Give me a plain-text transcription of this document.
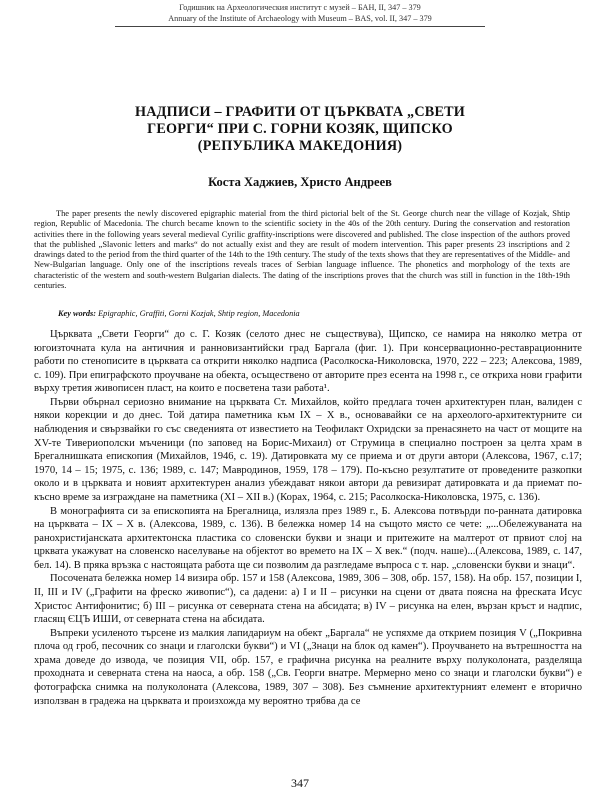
Годишник на Археологическия институт с музей – БАН, II, 347 – 379
Annuary of the Institute of Archaeology with Museum – BAS, vol. II, 347 – 379
НАДПИСИ – ГРАФИТИ ОТ ЦЪРКВАТА „СВЕТИ
ГЕОРГИ“ ПРИ С. ГОРНИ КОЗЯК, ЩИПСКО
(РЕПУБЛИКА МАКЕДОНИЯ)
Коста Хаджиев, Христо Андреев

The paper presents the newly discovered epigraphic material from the third pictorial belt of the St. George church near the village of Kozjak, Shtip region, Republic of Macedonia. The church became known to the scientific society in the 40s of the 20th century. During the conservation and restoration activities there in the following years several medieval Cyrilic graffity-inscriptions were discovered and published. The close inspection of the authors proved that the published „Slavonic letters and marks“ do not actually exist and they are result of modern intervention. This paper presents 23 inscriptions and 2 drawings dated to the period from the third quarter of the 14th to the 19th century. The study of the texts shows that they are representatives of the Middle- and New-Bulgarian language. Only one of the inscriptions reveals traces of Serbian language influence. The phonetics and morphology of the texts are characteristic of the western and south-western Bulgarian dialects. The dating of the inscriptions proves that the church was still in function in the 18th-19th centuries.

Key words: Epigraphic, Graffiti, Gorni Kozjak, Shtip region, Macedonia

Църквата „Свети Георги“ до с. Г. Козяк (селото днес не съществува), Щипско, се намира на няколко метра от югоизточната кула на античния и ранновизантийски град Баргала (фиг. 1). При консервационно-реставрационните работи по стенописите в църквата са открити няколко надписа (Расолкоска-Николовска, 1970, 222 – 223; Алексова, 1989, с. 109). При епиграфското проучване на обекта, осъществено от авторите през есента на 1998 г., се откриха нови графити върху третия живописен пласт, на които е посветена тази работа¹.

Първи обърнал сериозно внимание на църквата Ст. Михайлов, който предлага точен архитектурен план, валиден с някои корекции и до днес. Той датира паметника към IX – X в., основавайки се на археолого-архитектурните си наблюдения и свързвайки го със сведенията от известието на Теофилакт Охридски за пренасянето на част от мощите на XV-те Тивериополски мъченици (по заповед на Борис-Михаил) от Струмица в специално построен за целта храм в Брегалнишката епископия (Михайлов, 1946, с. 19). Датировката му се приема и от други автори (Алексова, 1967, с.17; 1970, 14 – 15; 1975, с. 136; 1989, с. 147; Мавродинов, 1959, 178 – 179). По-късно резултатите от проведените разкопки около и в църквата и новият архитектурен анализ убеждават някои автори да ревизират датировката и да приемат по-късно време за изграждане на паметника (XI – XII в.) (Корах, 1964, с. 215; Расолкоска-Николовска, 1975, с. 136).

В монографията си за епископията на Брегалница, излязла през 1989 г., Б. Алексова потвърди по-ранната датировка на църквата – IX – X в. (Алексова, 1989, с. 136). В бележка номер 14 на същото място се чете: „...Обележуваната на ранохристијанската архитектонска пластика со словенски букви и знаци и притежите на малтерот от првиот слој на црквата укажуват на словенско населување на објектот во времето на IX – X век.“ (подч. наше)...(Алексова, 1989, с. 147, бел. 14). В пряка връзка с настоящата работа ще си позволим да разгледаме въпроса с т. нар. „словенски букви и знаци“.

Посочената бележка номер 14 визира обр. 157 и 158 (Алексова, 1989, 306 – 308, обр. 157, 158). На обр. 157, позиции I, II, III и IV („Графити на фреско живопис“), са дадени: а) I и II – рисунки на сцени от двата поясна на фреската Исус Христос Антифонитис; б) III – рисунка от северната стена на абсидата; в) IV – рисунка на елен, вързан кръст и надпис, гласящ ЄЦЪ ИШИ, от северната стена на абсидата.

Въпреки усиленото търсене из малкия лапидариум на обект „Баргала“ не успяхме да открием позиция V („Покривна плоча од гроб, песочник со знаци и глаголски букви“) и VI („Знаци на блок од камен“). Проучването на вътрешността на храма доведе до извода, че позиция VII, обр. 157, е графична рисунка на реалните върху полуколоната, разделяща проходната и северната стена на наоса, а обр. 158 („Св. Георги внатре. Мермерно мено со знаци и глаголски букви“) е фотографска снимка на полуколоната (Алексова, 1989, 307 – 308). Без съмнение архитектурният елемент е вторично използван в градежа на църквата и произхожда му вероятно трябва да се

347
